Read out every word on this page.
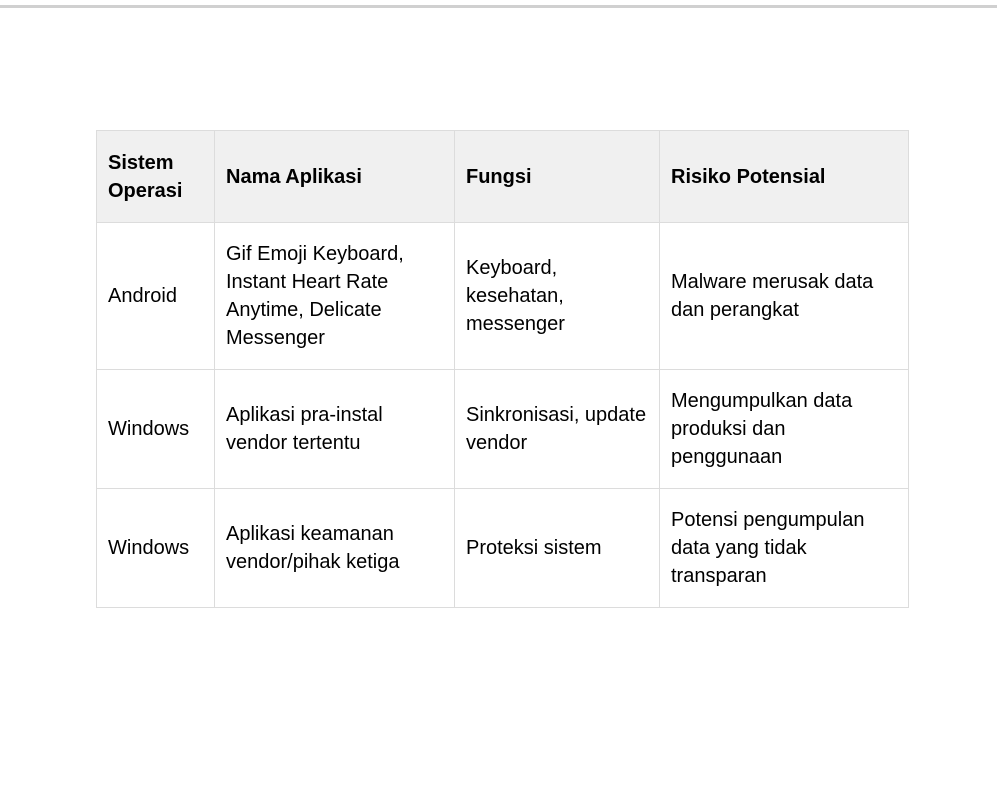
Sistem Operasi	Nama Aplikasi	Fungsi	Risiko Potensial
Android	Gif Emoji Keyboard, Instant Heart Rate Anytime, Delicate Messenger	Keyboard, kesehatan, messenger	Malware merusak data dan perangkat
Windows	Aplikasi pra-instal vendor tertentu	Sinkronisasi, update vendor	Mengumpulkan data produksi dan penggunaan
Windows	Aplikasi keamanan vendor/pihak ketiga	Proteksi sistem	Potensi pengumpulan data yang tidak transparan
